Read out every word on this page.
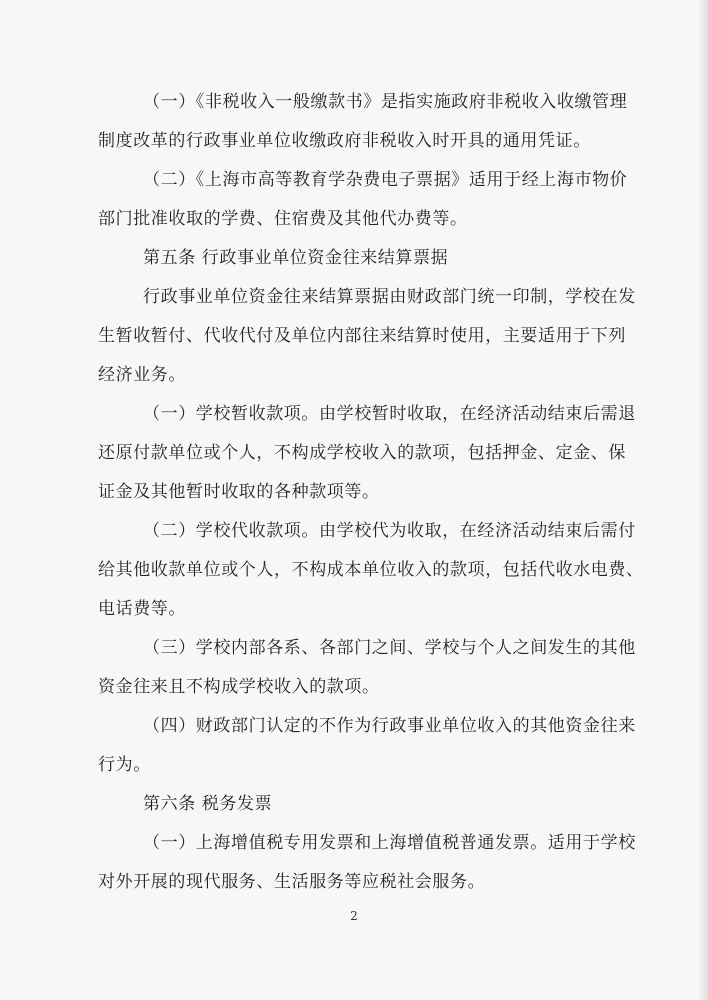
（一）《非税收入一般缴款书》是指实施政府非税收入收缴管理
制度改革的行政事业单位收缴政府非税收入时开具的通用凭证。
（二）《上海市高等教育学杂费电子票据》适用于经上海市物价
部门批准收取的学费、住宿费及其他代办费等。
第五条 行政事业单位资金往来结算票据
行政事业单位资金往来结算票据由财政部门统一印制，学校在发
生暂收暂付、代收代付及单位内部往来结算时使用，主要适用于下列
经济业务。
（一）学校暂收款项。由学校暂时收取，在经济活动结束后需退
还原付款单位或个人，不构成学校收入的款项，包括押金、定金、保
证金及其他暂时收取的各种款项等。
（二）学校代收款项。由学校代为收取，在经济活动结束后需付
给其他收款单位或个人，不构成本单位收入的款项，包括代收水电费、
电话费等。
（三）学校内部各系、各部门之间、学校与个人之间发生的其他
资金往来且不构成学校收入的款项。
（四）财政部门认定的不作为行政事业单位收入的其他资金往来
行为。
第六条 税务发票
（一）上海增值税专用发票和上海增值税普通发票。适用于学校
对外开展的现代服务、生活服务等应税社会服务。
2
